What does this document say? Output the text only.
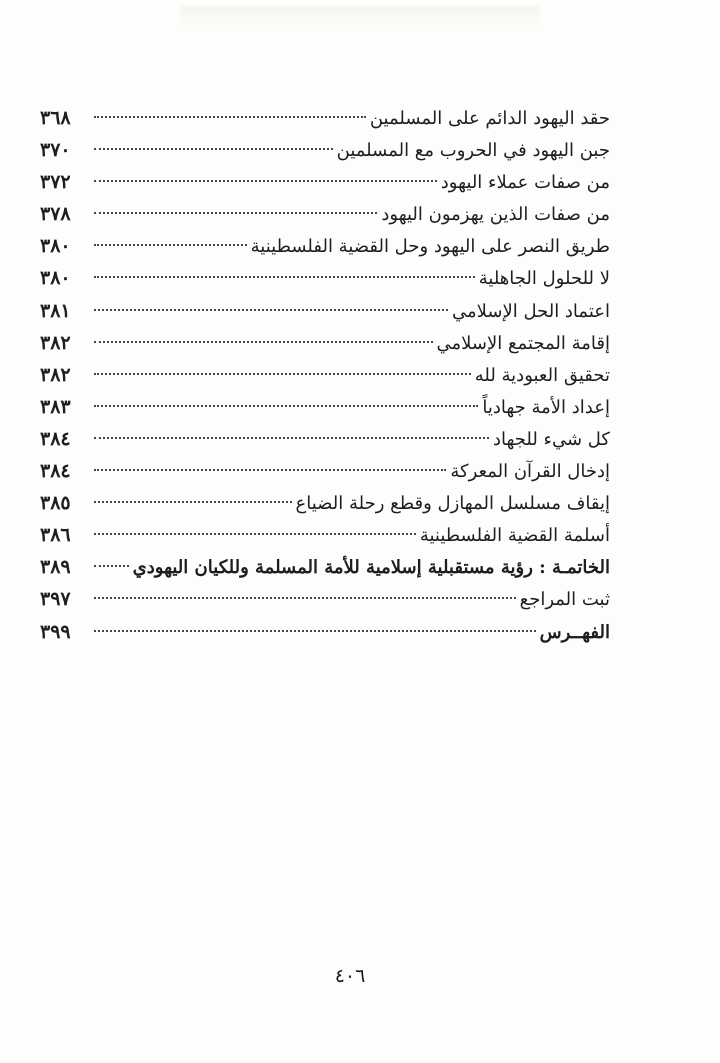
حقد اليهود الدائم على المسلمين
٣٦٨
جبن اليهود في الحروب مع المسلمين
٣٧٠
من صفات عملاء اليهود
٣٧٢
من صفات الذين يهزمون اليهود
٣٧٨
طريق النصر على اليهود وحل القضية الفلسطينية
٣٨٠
لا للحلول الجاهلية
٣٨٠
اعتماد الحل الإسلامي
٣٨١
إقامة المجتمع الإسلامي
٣٨٢
تحقيق العبودية لله
٣٨٢
إعداد الأمة جهادياً
٣٨٣
كل شيء للجهاد
٣٨٤
إدخال القرآن المعركة
٣٨٤
إيقاف مسلسل المهازل وقطع رحلة الضياع
٣٨٥
أسلمة القضية الفلسطينية
٣٨٦
الخاتمـة : رؤية مستقبلية إسلامية للأمة المسلمة وللكيان اليهودي
٣٨٩
ثبت المراجع
٣٩٧
الفهــرس
٣٩٩
٤٠٦
